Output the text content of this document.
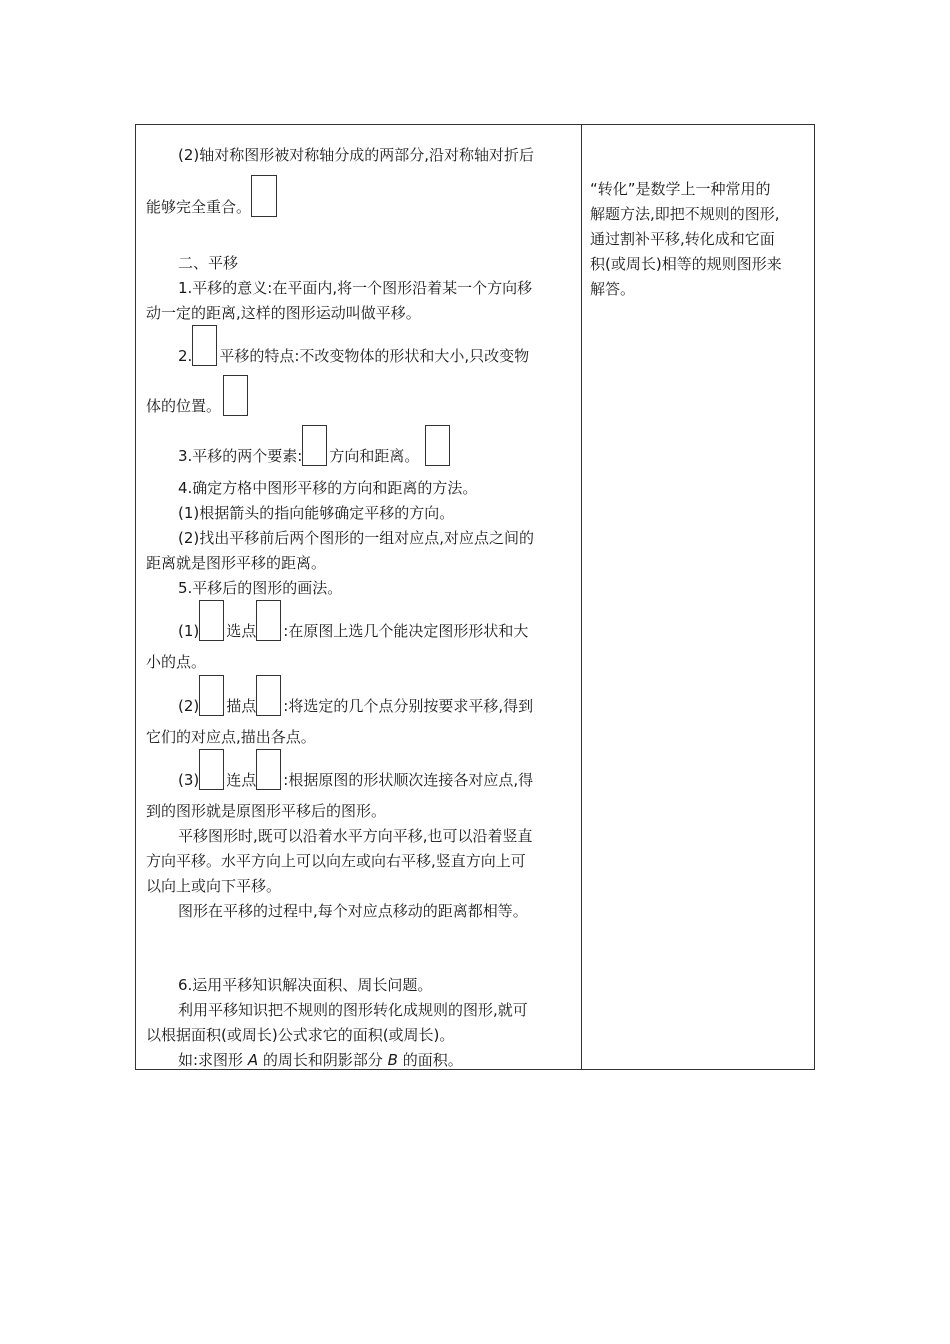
(2)轴对称图形被对称轴分成的两部分,沿对称轴对折后
能够完全重合。
二、平移
1.平移的意义:在平面内,将一个图形沿着某一个方向移
动一定的距离,这样的图形运动叫做平移。
2. 平移的特点:不改变物体的形状和大小,只改变物
体的位置。
3.平移的两个要素: 方向和距离。
4.确定方格中图形平移的方向和距离的方法。
(1)根据箭头的指向能够确定平移的方向。
(2)找出平移前后两个图形的一组对应点,对应点之间的
距离就是图形平移的距离。
5.平移后的图形的画法。
(1) 选点 :在原图上选几个能决定图形形状和大
小的点。
(2) 描点 :将选定的几个点分别按要求平移,得到
它们的对应点,描出各点。
(3) 连点 :根据原图的形状顺次连接各对应点,得
到的图形就是原图形平移后的图形。
平移图形时,既可以沿着水平方向平移,也可以沿着竖直
方向平移。水平方向上可以向左或向右平移,竖直方向上可
以向上或向下平移。
图形在平移的过程中,每个对应点移动的距离都相等。
6.运用平移知识解决面积、周长问题。
利用平移知识把不规则的图形转化成规则的图形,就可
以根据面积(或周长)公式求它的面积(或周长)。
如:求图形 A 的周长和阴影部分 B 的面积。
“转化”是数学上一种常用的
解题方法,即把不规则的图形,
通过割补平移,转化成和它面
积(或周长)相等的规则图形来
解答。
